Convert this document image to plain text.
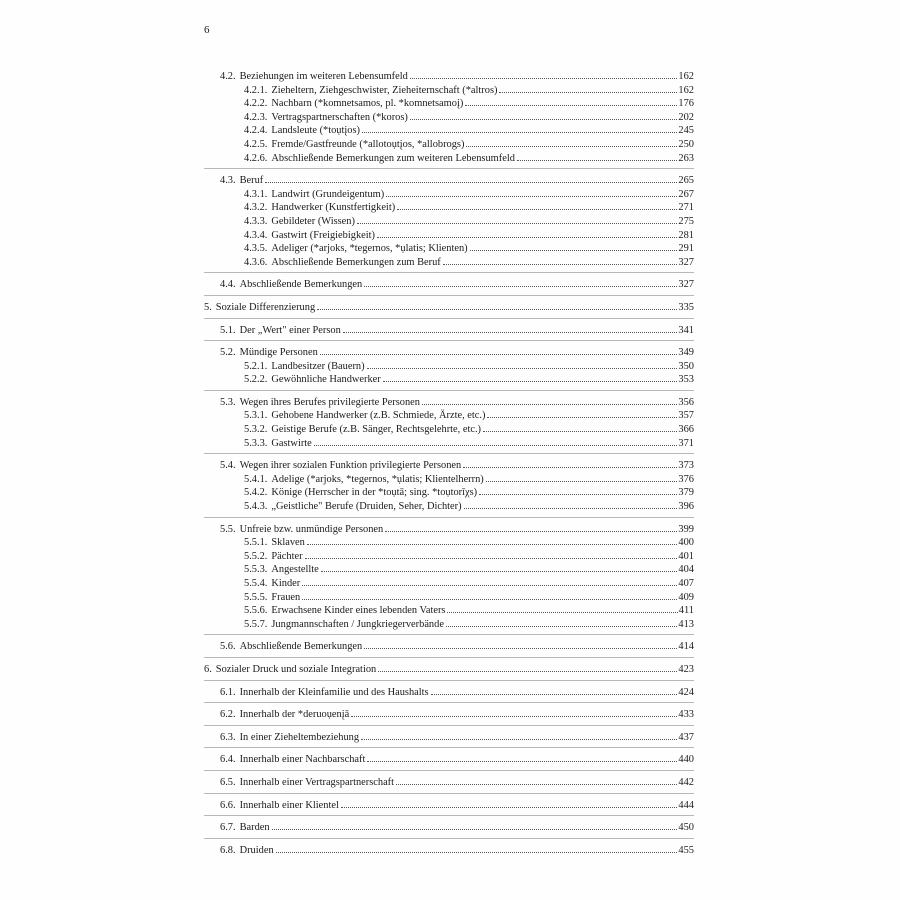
6
4.2. Beziehungen im weiteren Lebensumfeld	162
4.2.1. Zieheltern, Ziehgeschwister, Zieheiternschaft (*altros)	162
4.2.2. Nachbarn (*komnetsamos, pl. *komnetsamoį)	176
4.2.3. Vertragspartnerschaften (*koros)	202
4.2.4. Landsleute (*toụtįos)	245
4.2.5. Fremde/Gastfreunde (*allotoụtįos, *allobrogs)	250
4.2.6. Abschließende Bemerkungen zum weiteren Lebensumfeld	263
4.3. Beruf	265
4.3.1. Landwirt (Grundeigentum)	267
4.3.2. Handwerker (Kunstfertigkeit)	271
4.3.3. Gebildeter (Wissen)	275
4.3.4. Gastwirt (Freigiebigkeit)	281
4.3.5. Adeliger (*arjoks, *tegernos, *ụlatis; Klienten)	291
4.3.6. Abschließende Bemerkungen zum Beruf	327
4.4. Abschließende Bemerkungen	327
5. Soziale Differenzierung	335
5.1. Der „Wert" einer Person	341
5.2. Mündige Personen	349
5.2.1. Landbesitzer (Bauern)	350
5.2.2. Gewöhnliche Handwerker	353
5.3. Wegen ihres Berufes privilegierte Personen	356
5.3.1. Gehobene Handwerker (z.B. Schmiede, Ärzte, etc.)	357
5.3.2. Geistige Berufe (z.B. Sänger, Rechtsgelehrte, etc.)	366
5.3.3. Gastwirte	371
5.4. Wegen ihrer sozialen Funktion privilegierte Personen	373
5.4.1. Adelige (*arjoks, *tegernos, *ụlatis; Klientelherrn)	376
5.4.2. Könige (Herrscher in der *toụtā; sing. *toụtorīχs)	379
5.4.3. „Geistliche" Berufe (Druiden, Seher, Dichter)	396
5.5. Unfreie bzw. unmündige Personen	399
5.5.1. Sklaven	400
5.5.2. Pächter	401
5.5.3. Angestellte	404
5.5.4. Kinder	407
5.5.5. Frauen	409
5.5.6. Erwachsene Kinder eines lebenden Vaters	411
5.5.7. Jungmannschaften / Jungkriegerverbände	413
5.6. Abschließende Bemerkungen	414
6. Sozialer Druck und soziale Integration	423
6.1. Innerhalb der Kleinfamilie und des Haushalts	424
6.2. Innerhalb der *deruoụenįā	433
6.3. In einer Zieheltembeziehung	437
6.4. Innerhalb einer Nachbarschaft	440
6.5. Innerhalb einer Vertragspartnerschaft	442
6.6. Innerhalb einer Klientel	444
6.7. Barden	450
6.8. Druiden	455
